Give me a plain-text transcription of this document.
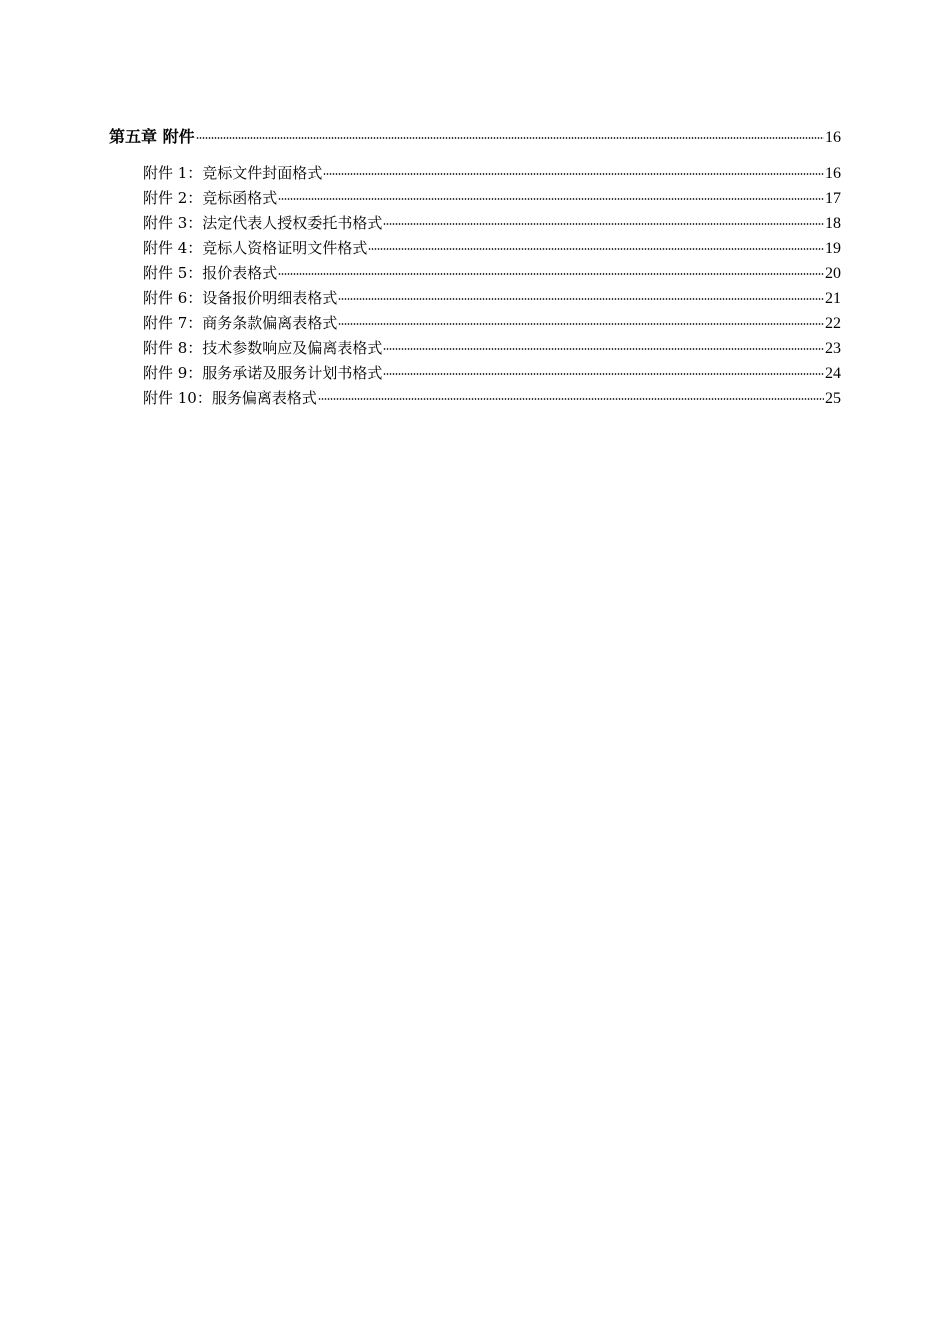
第五章 附件	16
附件 1：竞标文件封面格式	16
附件 2：竞标函格式	17
附件 3：法定代表人授权委托书格式	18
附件 4：竞标人资格证明文件格式	19
附件 5：报价表格式	20
附件 6：设备报价明细表格式	21
附件 7：商务条款偏离表格式	22
附件 8：技术参数响应及偏离表格式	23
附件 9：服务承诺及服务计划书格式	24
附件 10：服务偏离表格式	25
